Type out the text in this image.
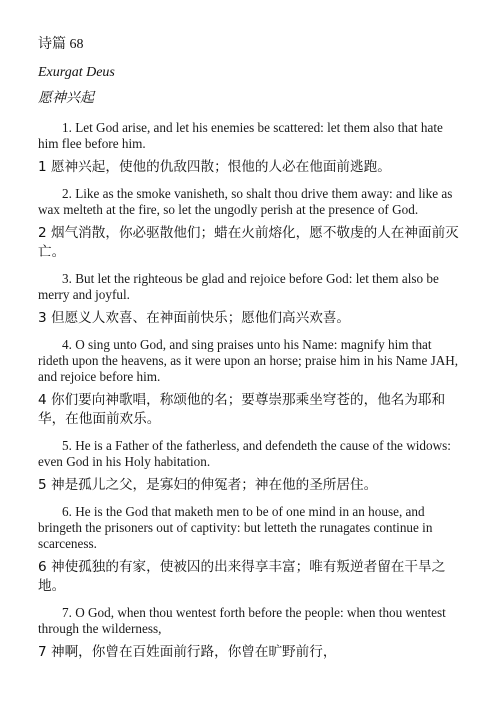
诗篇 68
Exurgat Deus
愿神兴起

1. Let God arise, and let his enemies be scattered: let them also that hate him flee before him.

1 愿神兴起，使他的仇敌四散；恨他的人必在他面前逃跑。

2. Like as the smoke vanisheth, so shalt thou drive them away: and like as wax melteth at the fire, so let the ungodly perish at the presence of God.

2 烟气消散，你必驱散他们；蜡在火前熔化，愿不敬虔的人在神面前灭亡。

3. But let the righteous be glad and rejoice before God: let them also be merry and joyful.

3 但愿义人欢喜、在神面前快乐；愿他们高兴欢喜。

4. O sing unto God, and sing praises unto his Name: magnify him that rideth upon the heavens, as it were upon an horse; praise him in his Name JAH, and rejoice before him.

4 你们要向神歌唱，称颂他的名；要尊崇那乘坐穹苍的，他名为耶和华，在他面前欢乐。

5. He is a Father of the fatherless, and defendeth the cause of the widows: even God in his Holy habitation.

5 神是孤儿之父，是寡妇的伸冤者；神在他的圣所居住。

6. He is the God that maketh men to be of one mind in an house, and bringeth the prisoners out of captivity: but letteth the runagates continue in scarceness.

6 神使孤独的有家，使被囚的出来得享丰富；唯有叛逆者留在干旱之地。

7. O God, when thou wentest forth before the people: when thou wentest through the wilderness,

7 神啊，你曾在百姓面前行路，你曾在旷野前行，
